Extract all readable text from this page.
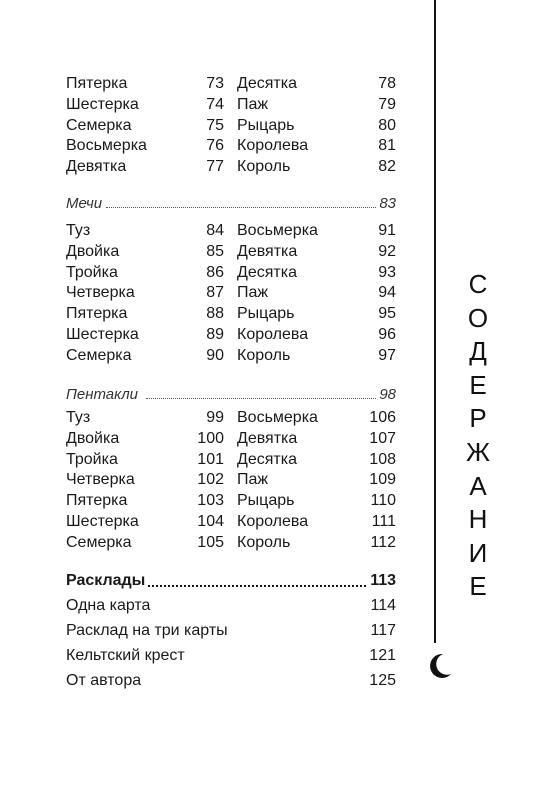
С
О
Д
Е
Р
Ж
А
Н
И
Е
Пятерка	73
Шестерка	74
Семерка	75
Восьмерка	76
Девятка	77
Десятка	78
Паж	79
Рыцарь	80
Королева	81
Король	82
Мечи	83
Туз	84
Двойка	85
Тройка	86
Четверка	87
Пятерка	88
Шестерка	89
Семерка	90
Восьмерка	91
Девятка	92
Десятка	93
Паж	94
Рыцарь	95
Королева	96
Король	97
Пентакли	98
Туз	99
Двойка	100
Тройка	101
Четверка	102
Пятерка	103
Шестерка	104
Семерка	105
Восьмерка	106
Девятка	107
Десятка	108
Паж	109
Рыцарь	110
Королева	111
Король	112
Расклады	113
Одна карта	114
Расклад на три карты	117
Кельтский крест	121
От автора	125
